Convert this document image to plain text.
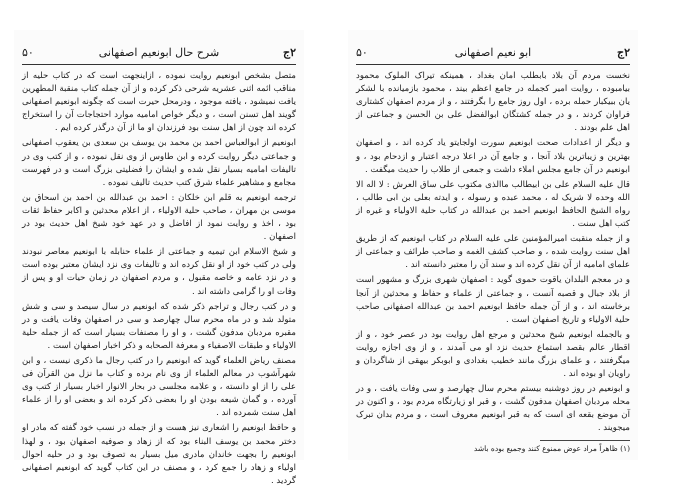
۲ج
شرح حال ابونعیم اصفهانی
۵۰

متصل بشخص ابونعیم روایت نموده ، ازاینجهت است که در کتاب حلیه از مناقب ائمه اثنی عشریه شرحی ذکر کرده و از آن جمله کتاب منقبة المطهرین یافت نمیشود ، یافته موجود ، ودرمحل حیرت است که چگونه ابونعیم اصفهانی گویند اهل تسنن است ، و دیگر خواص امامیه موارد احتجاجات آن را استخراج کرده اند چون از اهل سنت بود فرزندان او ما از آن درگذر کرده ایم .

ابونعیم از ابوالعباس احمد بن محمد بن یوسف بن سعدی بن یعقوب اصفهانی و جماعتی دیگر روایت کرده و ابن طاوس از وی نقل نموده ، و از کتب وی در تالیفات امامیه بسیار نقل شده و ایشان را فضلیتی بزرگ است و در فهرست مجامع و مشاهیر علماء شرق کتب حدیث تالیف نموده .

ترجمه ابونعیم به قلم ابن خلکان : احمد بن عبدالله بن احمد بن اسحاق بن موسی بن مهران ، صاحب حلیة الاولیاء ، از اعلام محدثین و اکابر حفاظ ثقات بود ، اخذ و روایت نمود از افاضل و در عهد خود شیخ اهل حدیث بود در اصفهان .

و شیخ الاسلام ابن تیمیه و جماعتی از علماء حنابله با ابونعیم معاصر نبودند ولی در کتب خود از او نقل کرده اند و تالیفات وی نزد ایشان معتبر بوده است و در نزد عامه و خاصه مقبول ، و مردم اصفهان در زمان حیات او و پس از وفات او را گرامی داشته اند .

و در کتب رجال و تراجم ذکر شده که ابونعیم در سال سیصد و سی و شش متولد شد و در ماه محرم سال چهارصد و سی در اصفهان وفات یافت و در مقبره مردبان مدفون گشت ، و او را مصنفات بسیار است که از جمله حلیة الاولیاء و طبقات الاصفیاء و معرفة الصحابه و ذکر اخبار اصفهان است .

مصنف ریاض العلماء گوید که ابونعیم را در کتب رجال ما ذکری نیست ، و ابن شهرآشوب در معالم العلماء از وی نام برده و کتاب ما نزل من القرآن فی علی را از او دانسته ، و علامه مجلسی در بحار الانوار اخبار بسیار از کتب وی آورده ، و گمان شیعه بودن او را بعضی ذکر کرده اند و بعضی او را از علماء اهل سنت شمرده اند .

و حافظ ابونعیم را اشعاری نیز هست و از جمله در نسب خود گفته که مادر او دختر محمد بن یوسف البناء بود که از زهاد و صوفیه اصفهان بود ، و لهذا ابونعیم را بجهت خاندان مادری میل بسیار به تصوف بود و در حلیه احوال اولیاء و زهاد را جمع کرد ، و مصنف در این کتاب گوید که ابونعیم اصفهانی گردید .

۲ج
ابو نعیم اصفهانی
۵۰

نخست مردم آن بلاد بابطلب امان بغداد ، همینکه تیراک الملوک محمود بیامبوده ، روایت امیر کجمله در جامع اعظم بیند ، محمود بازمیانده با لشکر یان ببیکبار حمله برده ، اول روز جامع را بگرفتند ، و از مردم اصفهان کشتاری فراوان کردند ، و در جمله کشتگان ابوالفضل علی بن الحسن و جماعتی از اهل علم بودند .

و دیگر از اعدادات صحت ابونعیم سورت اولجایتو یاد کرده اند ، و اصفهان بهترین و زیباترین بلاد آنجا ، و جامع آن در اعلا درجه اعتبار و ازدحام بود ، و ابونعیم در آن جامع مجلس املاء داشت و جمعی از طلاب را حدیث میگفت .

قال علیه السلام علی بن ابیطالب ماالذی مکتوب علی ساق العرش : لا اله الا الله وحده لا شریک له ، محمد عبده و رسوله ، و ایدته بعلی بن ابی طالب ، رواه الشیخ الحافظ ابونعیم احمد بن عبدالله در کتاب حلیة الاولیاء و غیره از کتب اهل سنت .

و از جمله منقبت امیرالمؤمنین علی علیه السلام در کتاب ابونعیم که از طریق اهل سنت روایت شده ، و صاحب کشف الغمه و صاحب طرائف و جماعتی از علمای امامیه از آن نقل کرده اند و سند آن را معتبر دانسته اند .

و در معجم البلدان یاقوت حموی گوید : اصفهان شهری بزرگ و مشهور است از بلاد جبال و قصبه آنست ، و جماعتی از علماء و حفاظ و محدثین از آنجا برخاسته اند ، و از آن جمله حافظ ابونعیم احمد بن عبدالله اصفهانی صاحب حلیة الاولیاء و تاریخ اصفهان است .

و بالجمله ابونعیم شیخ محدثین و مرجع اهل روایت بود در عصر خود ، و از اقطار عالم بقصد استماع حدیث نزد او می آمدند ، و از وی اجازه روایت میگرفتند ، و علمای بزرگ مانند خطیب بغدادی و ابوبکر بیهقی از شاگردان و راویان او بوده اند .

و ابونعیم در روز دوشنبه بیستم محرم سال چهارصد و سی وفات یافت ، و در محله مردبان اصفهان مدفون گشت ، و قبر او زیارتگاه مردم بود ، و اکنون در آن موضع بقعه ای است که به قبر ابونعیم معروف است ، و مردم بدان تبرک میجویند .

(۱) ظاهراً مراد عوض ممنوع کنند وجمیع بوده باشد
